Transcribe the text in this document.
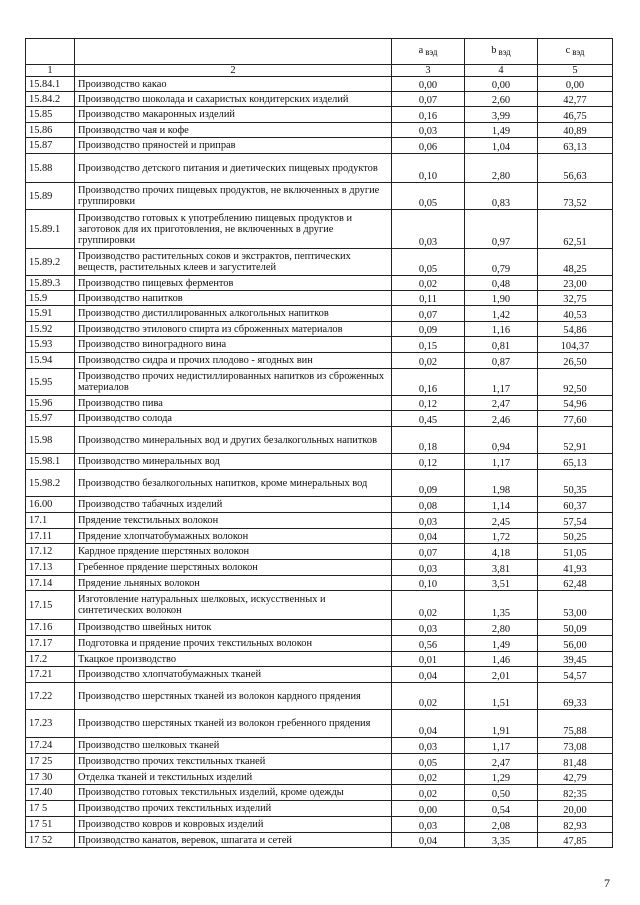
		a $_{вэд}$	b $_{вэд}$	c $_{вэд}$
1	2	3	4	5
15.84.1	Производство какао	0,00	0,00	0,00
15.84.2	Производство шоколада и сахаристых кондитерских изделий	0,07	2,60	42,77
15.85	Производство макаронных изделий	0,16	3,99	46,75
15.86	Производство чая и кофе	0,03	1,49	40,89
15.87	Производство пряностей и приправ	0,06	1,04	63,13
15.88	Производство детского питания и диетических пищевых продуктов	0,10	2,80	56,63
15.89	Производство прочих пищевых продуктов, не включенных в другие группировки	0,05	0,83	73,52
15.89.1	Производство готовых к употреблению пищевых продуктов и заготовок для их приготовления, не включенных в другие группировки	0,03	0,97	62,51
15.89.2	Производство растительных соков и экстрактов, пептических веществ, растительных клеев и загустителей	0,05	0,79	48,25
15.89.3	Производство пищевых ферментов	0,02	0,48	23,00
15.9	Производство напитков	0,11	1,90	32,75
15.91	Производство дистиллированных алкогольных напитков	0,07	1,42	40,53
15.92	Производство этилового спирта из сброженных материалов	0,09	1,16	54,86
15.93	Производство виноградного вина	0,15	0,81	104,37
15.94	Производство сидра и прочих плодово - ягодных вин	0,02	0,87	26,50
15.95	Производство прочих недистиллированных напитков из сброженных материалов	0,16	1,17	92,50
15.96	Производство пива	0,12	2,47	54,96
15.97	Производство солода	0,45	2,46	77,60
15.98	Производство минеральных вод и других безалкогольных напитков	0,18	0,94	52,91
15.98.1	Производство минеральных вод	0,12	1,17	65,13
15.98.2	Производство безалкогольных напитков, кроме минеральных вод	0,09	1,98	50,35
16.00	Производство табачных изделий	0,08	1,14	60,37
17.1	Прядение текстильных волокон	0,03	2,45	57,54
17.11	Прядение хлопчатобумажных волокон	0,04	1,72	50,25
17.12	Кардное прядение шерстяных волокон	0,07	4,18	51,05
17.13	Гребенное прядение шерстяных волокон	0,03	3,81	41,93
17.14	Прядение льняных волокон	0,10	3,51	62,48
17.15	Изготовление натуральных шелковых, искусственных и синтетических волокон	0,02	1,35	53,00
17.16	Производство швейных ниток	0,03	2,80	50,09
17.17	Подготовка и прядение прочих текстильных волокон	0,56	1,49	56,00
17.2	Ткацкое производство	0,01	1,46	39,45
17.21	Производство хлопчатобумажных тканей	0,04	2,01	54,57
17.22	Производство шерстяных тканей из волокон кардного прядения	0,02	1,51	69,33
17.23	Производство шерстяных тканей из волокон гребенного прядения	0,04	1,91	75,88
17.24	Производство шелковых тканей	0,03	1,17	73,08
17 25	Производство прочих текстильных тканей	0,05	2,47	81,48
17 30	Отделка тканей и текстильных изделий	0,02	1,29	42,79
17.40	Производство готовых текстильных изделий, кроме одежды	0,02	0,50	82;35
17 5	Производство прочих текстильных изделий	0,00	0,54	20,00
17 51	Производство ковров и ковровых изделий	0,03	2,08	82,93
17 52	Производство канатов, веревок, шпагата и сетей	0,04	3,35	47,85
7
